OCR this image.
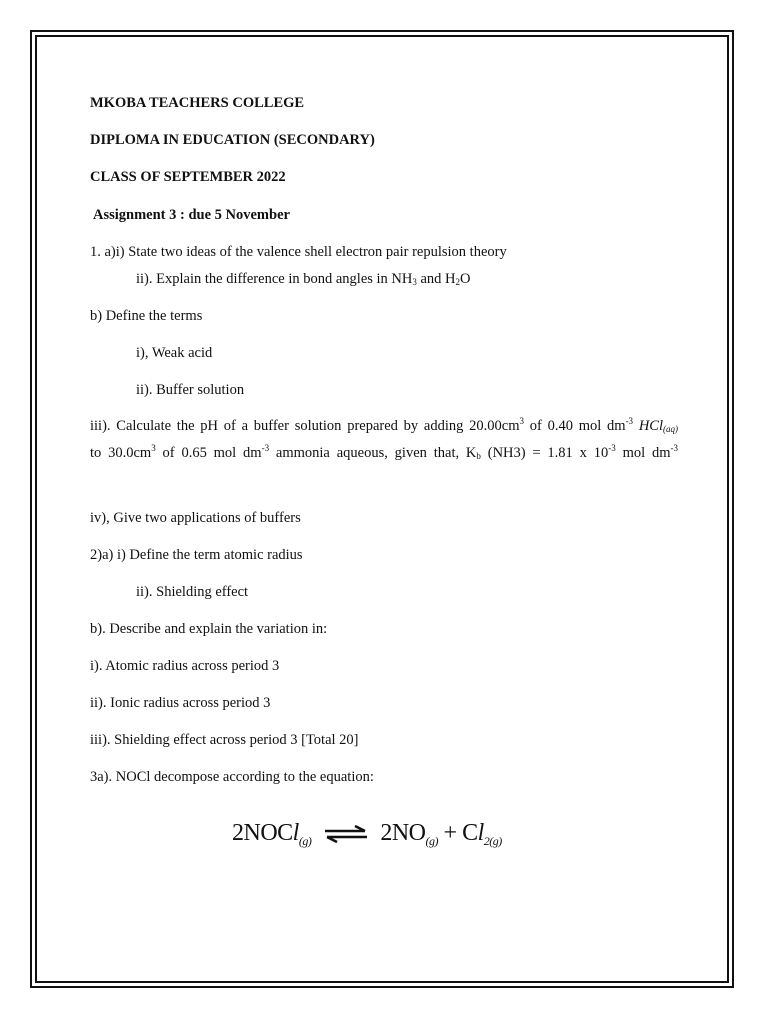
MKOBA TEACHERS COLLEGE
DIPLOMA IN EDUCATION (SECONDARY)
CLASS OF SEPTEMBER 2022
Assignment 3 : due 5 November
1. a)i) State two ideas of the valence shell electron pair repulsion theory
ii). Explain the difference in bond angles in $NH_3$ and $H_2O$
b) Define the terms
i), Weak acid
ii). Buffer solution
iii). Calculate the pH of a buffer solution prepared by adding $20.00cm^3$ of 0.40 mol $dm^{-3}$ HCl$_{(aq)}$
to $30.0cm^3$ of 0.65 mol $dm^{-3}$ ammonia aqueous, given that, $K_b$ (NH3) = 1.81 x $10^{-3}$ mol $dm^{-3}$
iv), Give two applications of buffers
2)a) i) Define the term atomic radius
ii). Shielding effect
b). Describe and explain the variation in:
i). Atomic radius across period 3
ii). Ionic radius across period 3
iii). Shielding effect across period 3 [Total 20]
3a). NOCl decompose according to the equation:
2NOCl$_{(g)}$ ⇌ $2NO_{(g)} + Cl_{2(g)}$
